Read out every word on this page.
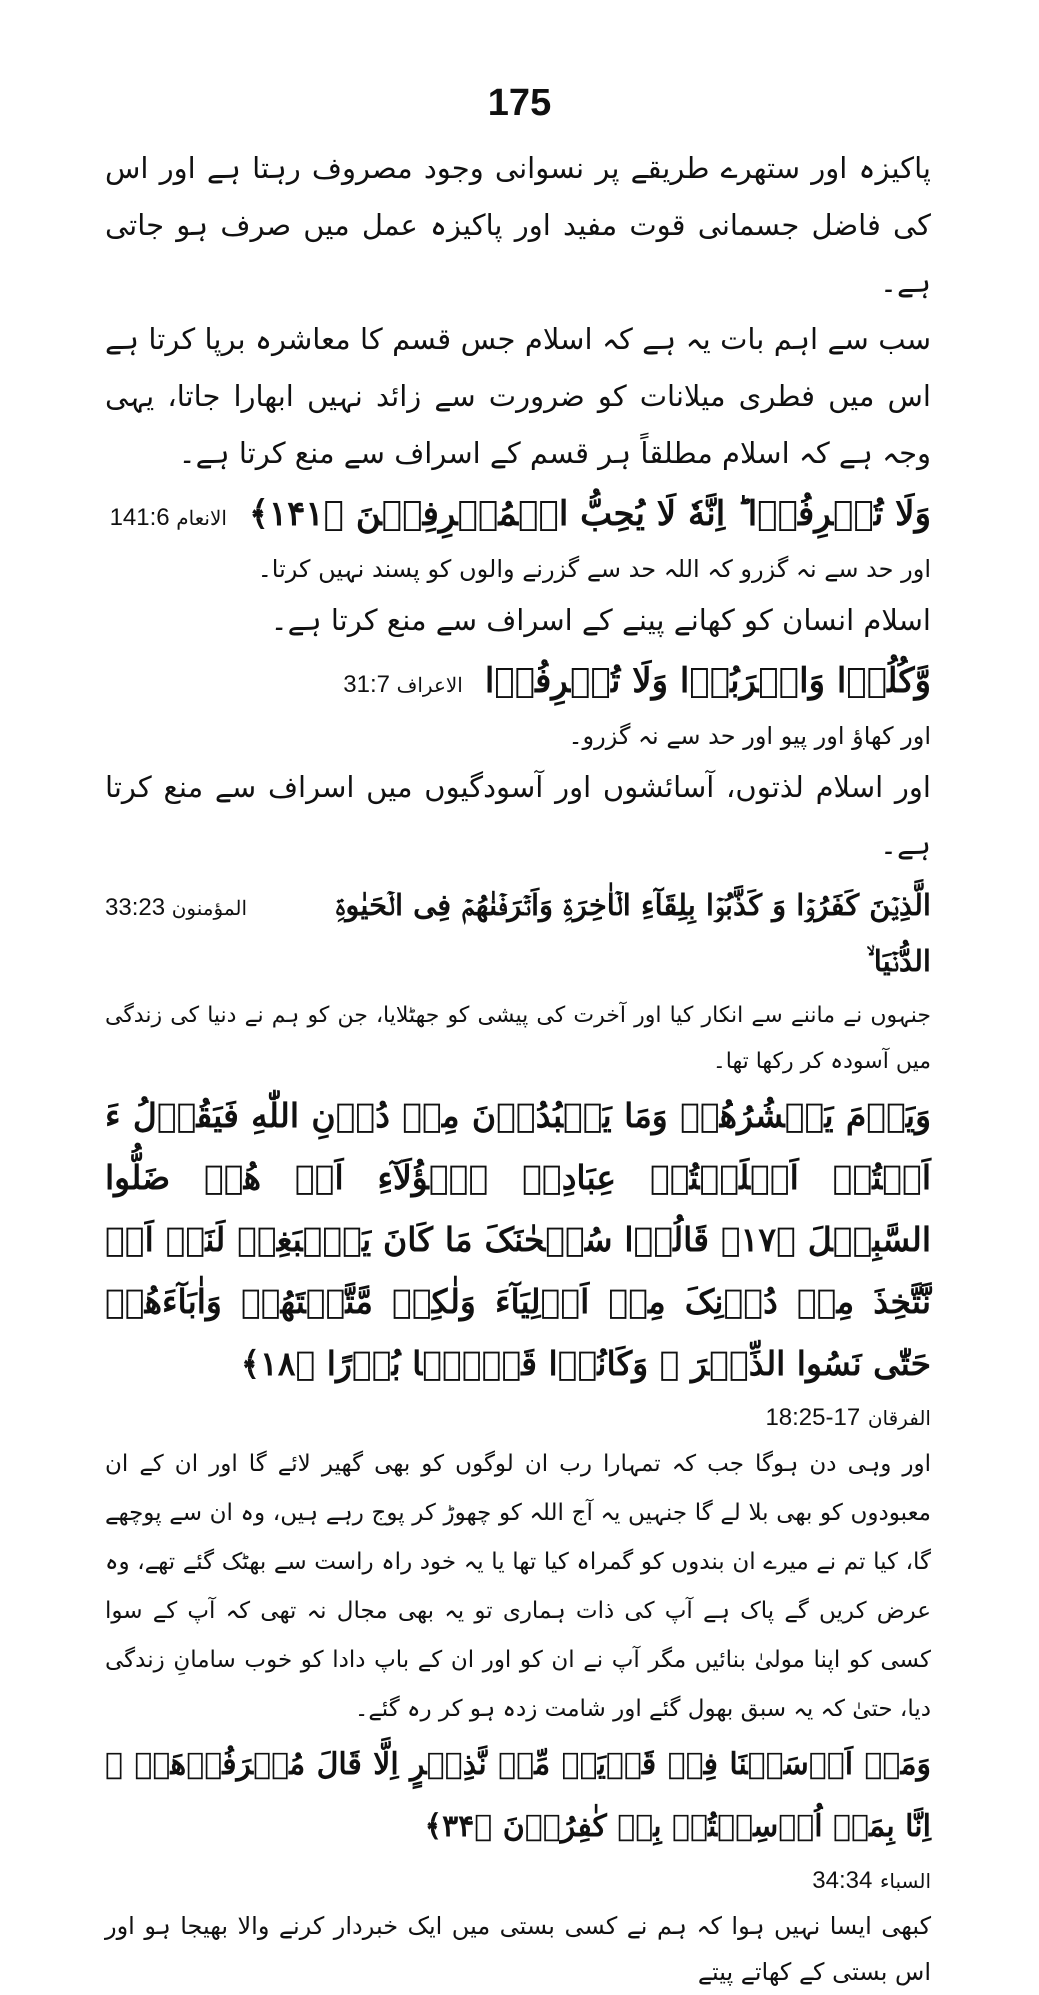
175

پاکیزہ اور ستھرے طریقے پر نسوانی وجود مصروف رہتا ہے اور اس کی فاضل جسمانی قوت مفید اور پاکیزہ عمل میں صرف ہو جاتی ہے۔

سب سے اہم بات یہ ہے کہ اسلام جس قسم کا معاشرہ برپا کرتا ہے اس میں فطری میلانات کو ضرورت سے زائد نہیں ابھارا جاتا، یہی وجہ ہے کہ اسلام مطلقاً ہر قسم کے اسراف سے منع کرتا ہے۔

وَلَا تُسۡرِفُوۡا ؕ اِنَّهٗ لَا یُحِبُّ الۡمُسۡرِفِیۡنَ ﴿۱۴۱﴾
الانعام 141:6

اور حد سے نہ گزرو کہ اللہ حد سے گزرنے والوں کو پسند نہیں کرتا۔

اسلام انسان کو کھانے پینے کے اسراف سے منع کرتا ہے۔

وَّکُلُوۡا وَاشۡرَبُوۡا وَلَا تُسۡرِفُوۡا
الاعراف 31:7

اور کھاؤ اور پیو اور حد سے نہ گزرو۔

اور اسلام لذتوں، آسائشوں اور آسودگیوں میں اسراف سے منع کرتا ہے۔

الَّذِیۡنَ کَفَرُوۡا وَ کَذَّبُوۡا بِلِقَآءِ الۡاٰخِرَۃِ وَاَتۡرَفۡنٰهُمۡ فِی الۡحَیٰوۃِ الدُّنۡیَا ۙ
المؤمنون 33:23

جنہوں نے ماننے سے انکار کیا اور آخرت کی پیشی کو جھٹلایا، جن کو ہم نے دنیا کی زندگی میں آسودہ کر رکھا تھا۔

وَیَوۡمَ یَحۡشُرُهُمۡ وَمَا یَعۡبُدُوۡنَ مِنۡ دُوۡنِ اللّٰهِ فَیَقُوۡلُ ءَ اَنۡتُمۡ اَضۡلَلۡتُمۡ عِبَادِیۡ هٰۤؤُلَآءِ اَمۡ هُمۡ ضَلُّوا السَّبِیۡلَ ﴿۱۷﴾ قَالُوۡا سُبۡحٰنَکَ مَا کَانَ یَنۡۢبَغِیۡ لَنَاۤ اَنۡ نَّتَّخِذَ مِنۡ دُوۡنِکَ مِنۡ اَوۡلِیَآءَ وَلٰکِنۡ مَّتَّعۡتَهُمۡ وَاٰبَآءَهُمۡ حَتّٰی نَسُوا الذِّکۡرَ ۚ وَکَانُوۡا قَوۡمًۢا بُوۡرًا ﴿۱۸﴾

الفرقان 17-18:25

اور وہی دن ہوگا جب کہ تمہارا رب ان لوگوں کو بھی گھیر لائے گا اور ان کے ان معبودوں کو بھی بلا لے گا جنہیں یہ آج اللہ کو چھوڑ کر پوج رہے ہیں، وہ ان سے پوچھے گا، کیا تم نے میرے ان بندوں کو گمراہ کیا تھا یا یہ خود راہ راست سے بھٹک گئے تھے، وہ عرض کریں گے پاک ہے آپ کی ذات ہماری تو یہ بھی مجال نہ تھی کہ آپ کے سوا کسی کو اپنا مولیٰ بنائیں مگر آپ نے ان کو اور ان کے باپ دادا کو خوب سامانِ زندگی دیا، حتیٰ کہ یہ سبق بھول گئے اور شامت زدہ ہو کر رہ گئے۔

وَمَاۤ اَرۡسَلۡنَا فِیۡ قَرۡیَۃٍ مِّنۡ نَّذِیۡرٍ اِلَّا قَالَ مُتۡرَفُوۡهَاۤ ۙ اِنَّا بِمَاۤ اُرۡسِلۡتُمۡ بِهٖ کٰفِرُوۡنَ ﴿۳۴﴾

السباء 34:34

کبھی ایسا نہیں ہوا کہ ہم نے کسی بستی میں ایک خبردار کرنے والا بھیجا ہو اور اس بستی کے کھاتے پیتے
